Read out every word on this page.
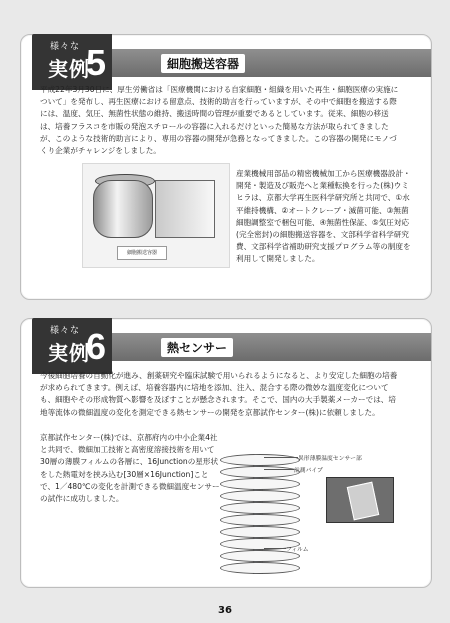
細胞搬送容器
様々な
実例
5
平成22年3月30日に、厚生労働省は「医療機関における自家細胞・組織を用いた再生・細胞医療の実施について」を発布し、再生医療における留意点、技術的助言を行っていますが、その中で細胞を搬送する際には、温度、気圧、無菌性状態の維持、搬送時間の管理が重要であるとしています。従来、細胞の移送は、培養フラスコを市販の発泡スチロールの容器に入れるだけといった簡易な方法が取られてきましたが、このような技術的助言により、専用の容器の開発が急務となってきました。この容器の開発にモノづくり企業がチャレンジをしました。
細胞搬送容器
産業機械用部品の精密機械加工から医療機器設計・開発・製造及び販売へと業種転換を行った(株)ウミヒラは、京都大学再生医科学研究所と共同で、①水平維持機構、②オートクレーブ・滅菌可能、③無菌細胞調整室で梱包可能、④無菌性保証、⑤気圧対応(完全密封)の細胞搬送容器を、文部科学省科学研究費、文部科学省補助研究支援プログラム等の制度を利用して開発しました。
熱センサー
様々な
実例
6
今後細胞培養の自動化が進み、創薬研究や臨床試験で用いられるようになると、より安定した細胞の培養が求められてきます。例えば、培養容器内に培地を添加、注入、混合する際の微妙な温度変化についても、細胞やその形成物質へ影響を及ぼすことが懸念されます。そこで、国内の大手製薬メーカーでは、培地等流体の微細温度の変化を測定できる熱センサーの開発を京都試作センター(株)に依頼しました。
京都試作センター(株)では、京都府内の中小企業4社と共同で、微細加工技術と高密度溶接技術を用いて30層の薄膜フィルムの各層に、16Junctionの星形状をした熱電対を挟み込む[30層×16Junction]ことで、1／480℃の変化を計測できる微細温度センサーの試作に成功しました。
異形薄膜温度センサー部
計測パイプ
フィルム
36
